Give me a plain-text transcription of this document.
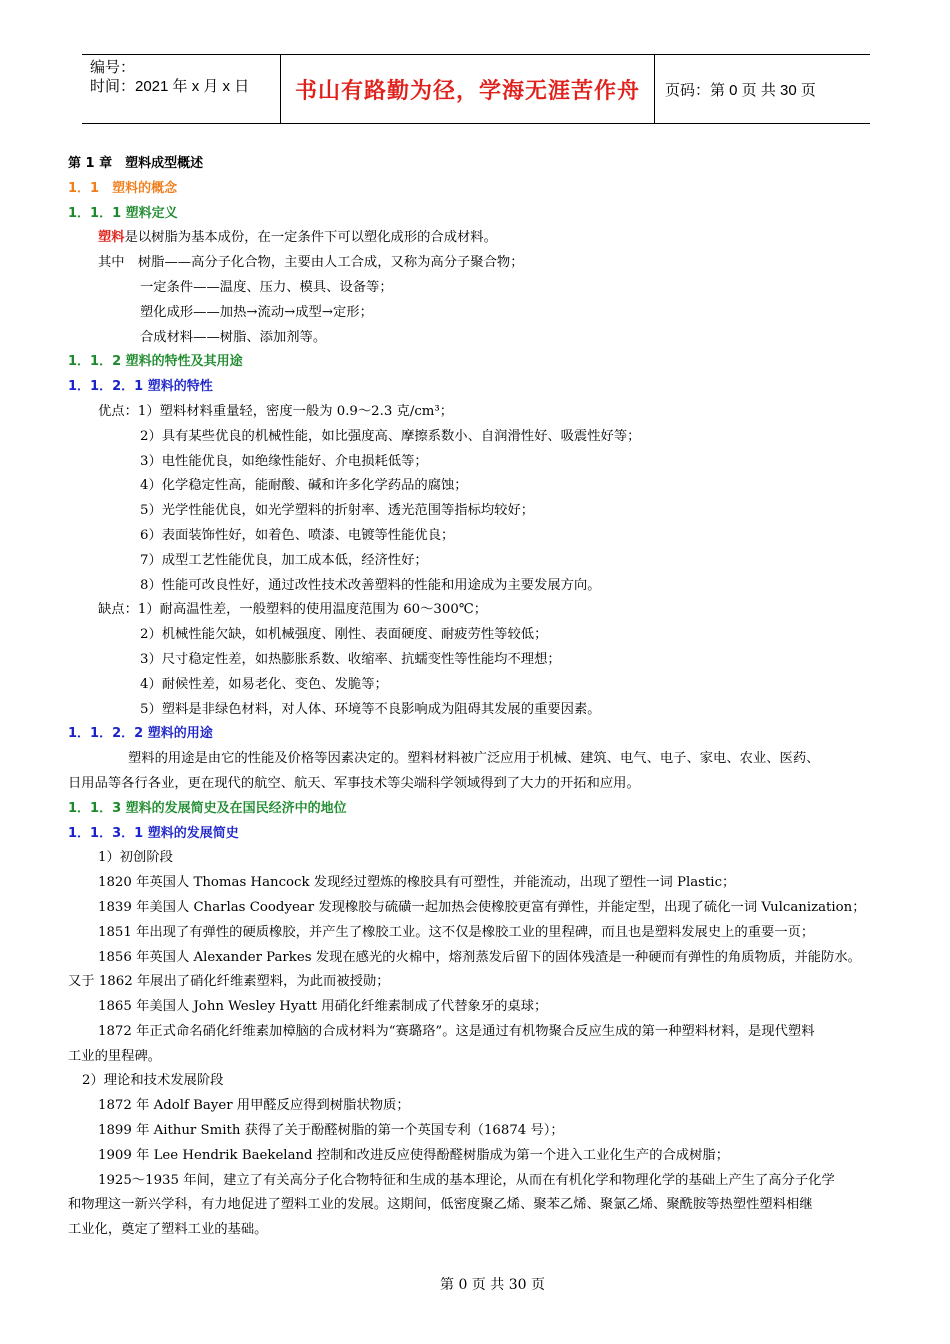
编号：
时间：2021 年 x 月 x 日	书山有路勤为径，学海无涯苦作舟	页码：第 0 页 共 30 页
第 1 章　塑料成型概述
1．1　塑料的概念
1．1．1 塑料定义
塑料是以树脂为基本成份，在一定条件下可以塑化成形的合成材料。
其中　树脂——高分子化合物，主要由人工合成，又称为高分子聚合物；
一定条件——温度、压力、模具、设备等；
塑化成形——加热→流动→成型→定形；
合成材料——树脂、添加剂等。
1．1．2 塑料的特性及其用途
1．1．2．1 塑料的特性
优点：1）塑料材料重量轻，密度一般为 0.9～2.3 克/cm³；
2）具有某些优良的机械性能，如比强度高、摩擦系数小、自润滑性好、吸震性好等；
3）电性能优良，如绝缘性能好、介电损耗低等；
4）化学稳定性高，能耐酸、碱和许多化学药品的腐蚀；
5）光学性能优良，如光学塑料的折射率、透光范围等指标均较好；
6）表面装饰性好，如着色、喷漆、电镀等性能优良；
7）成型工艺性能优良，加工成本低，经济性好；
8）性能可改良性好，通过改性技术改善塑料的性能和用途成为主要发展方向。
缺点：1）耐高温性差，一般塑料的使用温度范围为 60～300℃；
2）机械性能欠缺，如机械强度、刚性、表面硬度、耐疲劳性等较低；
3）尺寸稳定性差，如热膨胀系数、收缩率、抗蠕变性等性能均不理想；
4）耐候性差，如易老化、变色、发脆等；
5）塑料是非绿色材料，对人体、环境等不良影响成为阻碍其发展的重要因素。
1．1．2．2 塑料的用途
塑料的用途是由它的性能及价格等因素决定的。塑料材料被广泛应用于机械、建筑、电气、电子、家电、农业、医药、
日用品等各行各业，更在现代的航空、航天、军事技术等尖端科学领域得到了大力的开拓和应用。
1．1．3 塑料的发展简史及在国民经济中的地位
1．1．3．1 塑料的发展简史
1）初创阶段
1820 年英国人 Thomas Hancock 发现经过塑炼的橡胶具有可塑性，并能流动，出现了塑性一词 Plastic；
1839 年美国人 Charlas Coodyear 发现橡胶与硫磺一起加热会使橡胶更富有弹性，并能定型，出现了硫化一词 Vulcanization；
1851 年出现了有弹性的硬质橡胶，并产生了橡胶工业。这不仅是橡胶工业的里程碑，而且也是塑料发展史上的重要一页；
1856 年英国人 Alexander Parkes 发现在感光的火棉中，熔剂蒸发后留下的固体残渣是一种硬而有弹性的角质物质，并能防水。
又于 1862 年展出了硝化纤维素塑料，为此而被授勋；
1865 年美国人 John Wesley Hyatt 用硝化纤维素制成了代替象牙的桌球；
1872 年正式命名硝化纤维素加樟脑的合成材料为“赛璐珞”。这是通过有机物聚合反应生成的第一种塑料材料，是现代塑料
工业的里程碑。
2）理论和技术发展阶段
1872 年 Adolf Bayer 用甲醛反应得到树脂状物质；
1899 年 Aithur Smith 获得了关于酚醛树脂的第一个英国专利（16874 号）；
1909 年 Lee Hendrik Baekeland 控制和改进反应使得酚醛树脂成为第一个进入工业化生产的合成树脂；
1925～1935 年间，建立了有关高分子化合物特征和生成的基本理论，从而在有机化学和物理化学的基础上产生了高分子化学
和物理这一新兴学科，有力地促进了塑料工业的发展。这期间，低密度聚乙烯、聚苯乙烯、聚氯乙烯、聚酰胺等热塑性塑料相继
工业化，奠定了塑料工业的基础。
第 0 页 共 30 页
